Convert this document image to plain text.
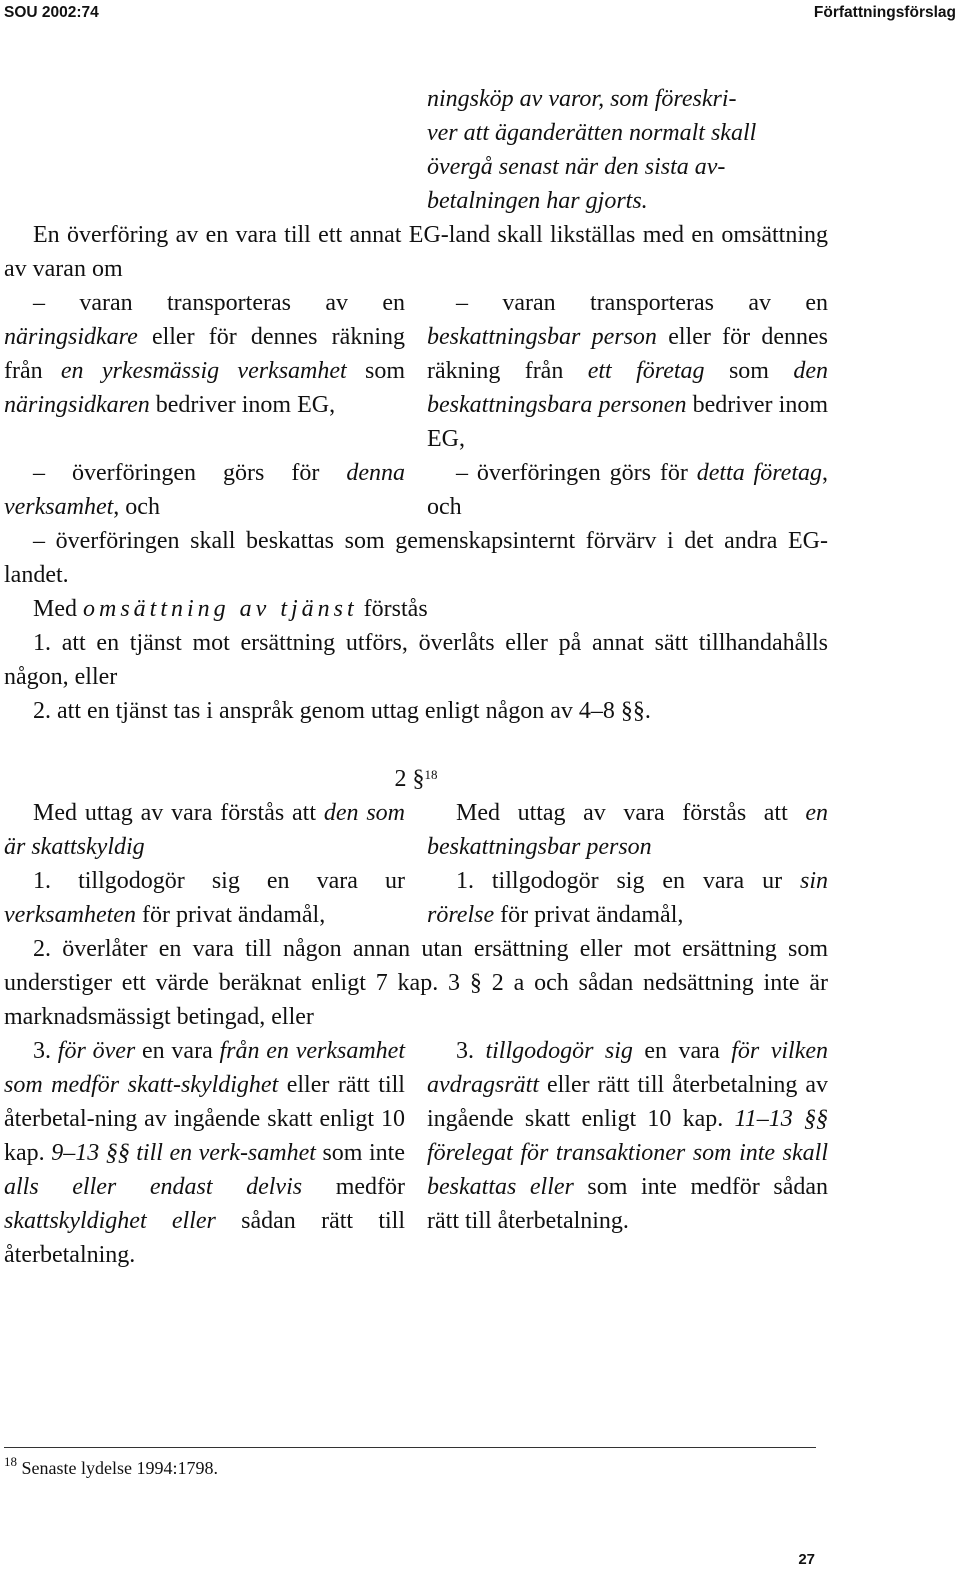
SOU 2002:74	Författningsförslag
ningsköp av varor, som föreskri-
ver att äganderätten normalt skall
övergå senast när den sista av-
betalningen har gjorts.

En överföring av en vara till ett annat EG-land skall likställas med en omsättning av varan om

– varan transporteras av en näringsidkare eller för dennes räkning från en yrkesmässig verksamhet som näringsidkaren bedriver inom EG,
– varan transporteras av en beskattningsbar person eller för dennes räkning från ett företag som den beskattningsbara personen bedriver inom EG,
– överföringen görs för denna verksamhet, och
– överföringen görs för detta företag, och

– överföringen skall beskattas som gemenskapsinternt förvärv i det andra EG-landet.

Med omsättning av tjänst förstås

1. att en tjänst mot ersättning utförs, överlåts eller på annat sätt tillhandahålls någon, eller

2. att en tjänst tas i anspråk genom uttag enligt någon av 4–8 §§.

2 §$^{18}$

Med uttag av vara förstås att den som är skattskyldig
Med uttag av vara förstås att en beskattningsbar person
1. tillgodogör sig en vara ur verksamheten för privat ändamål,
1. tillgodogör sig en vara ur sin rörelse för privat ändamål,

2. överlåter en vara till någon annan utan ersättning eller mot ersättning som understiger ett värde beräknat enligt 7 kap. 3 § 2 a och sådan nedsättning inte är marknadsmässigt betingad, eller

3. för över en vara från en verksamhet som medför skatt-skyldighet eller rätt till återbetal-ning av ingående skatt enligt 10 kap. 9–13 §§ till en verk-samhet som inte alls eller endast delvis medför skattskyldighet eller sådan rätt till återbetalning.
3. tillgodogör sig en vara för vilken avdragsrätt eller rätt till återbetalning av ingående skatt enligt 10 kap. 11–13 §§ förelegat för transaktioner som inte skall beskattas eller som inte medför sådan rätt till återbetalning.
$^{18}$ Senaste lydelse 1994:1798.
27
